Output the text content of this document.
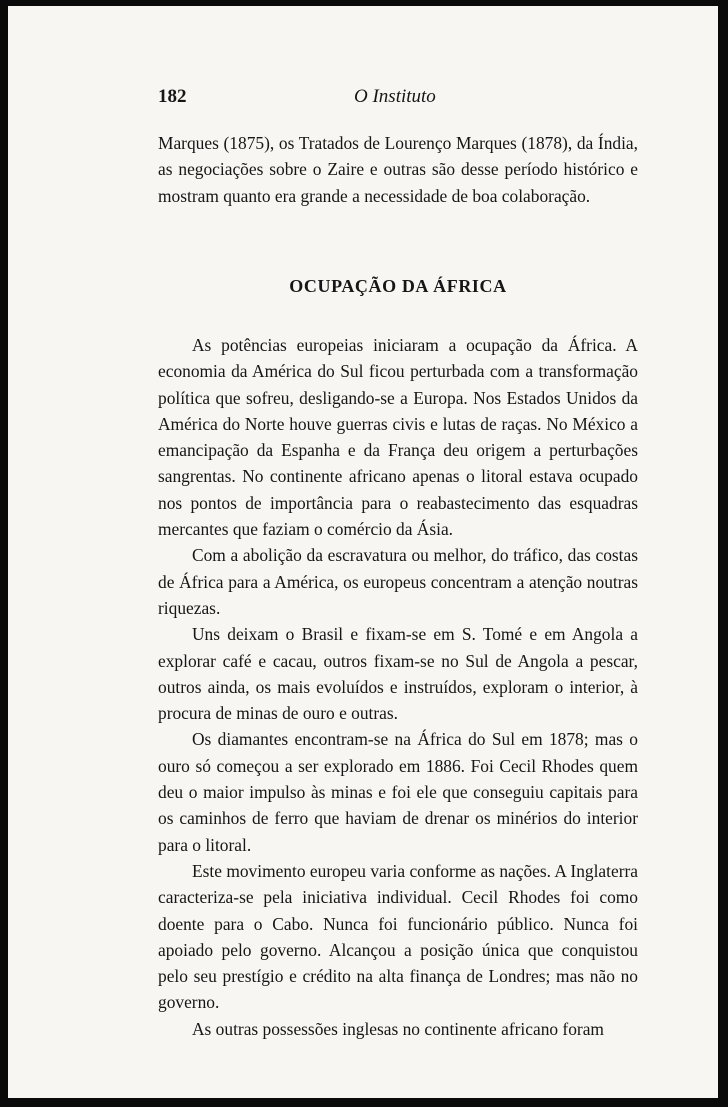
182	O Instituto

Marques (1875), os Tratados de Lourenço Marques (1878), da Índia, as negociações sobre o Zaire e outras são desse período histórico e mostram quanto era grande a necessidade de boa colaboração.

OCUPAÇÃO DA ÁFRICA

As potências europeias iniciaram a ocupação da África. A economia da América do Sul ficou perturbada com a transformação política que sofreu, desligando-se a Europa. Nos Estados Unidos da América do Norte houve guerras civis e lutas de raças. No México a emancipação da Espanha e da França deu origem a perturbações sangrentas. No continente africano apenas o litoral estava ocupado nos pontos de importância para o reabastecimento das esquadras mercantes que faziam o comércio da Ásia.

Com a abolição da escravatura ou melhor, do tráfico, das costas de África para a América, os europeus concentram a atenção noutras riquezas.

Uns deixam o Brasil e fixam-se em S. Tomé e em Angola a explorar café e cacau, outros fixam-se no Sul de Angola a pescar, outros ainda, os mais evoluídos e instruídos, exploram o interior, à procura de minas de ouro e outras.

Os diamantes encontram-se na África do Sul em 1878; mas o ouro só começou a ser explorado em 1886. Foi Cecil Rhodes quem deu o maior impulso às minas e foi ele que conseguiu capitais para os caminhos de ferro que haviam de drenar os minérios do interior para o litoral.

Este movimento europeu varia conforme as nações. A Inglaterra caracteriza-se pela iniciativa individual. Cecil Rhodes foi como doente para o Cabo. Nunca foi funcionário público. Nunca foi apoiado pelo governo. Alcançou a posição única que conquistou pelo seu prestígio e crédito na alta finança de Londres; mas não no governo.

As outras possessões inglesas no continente africano foram
